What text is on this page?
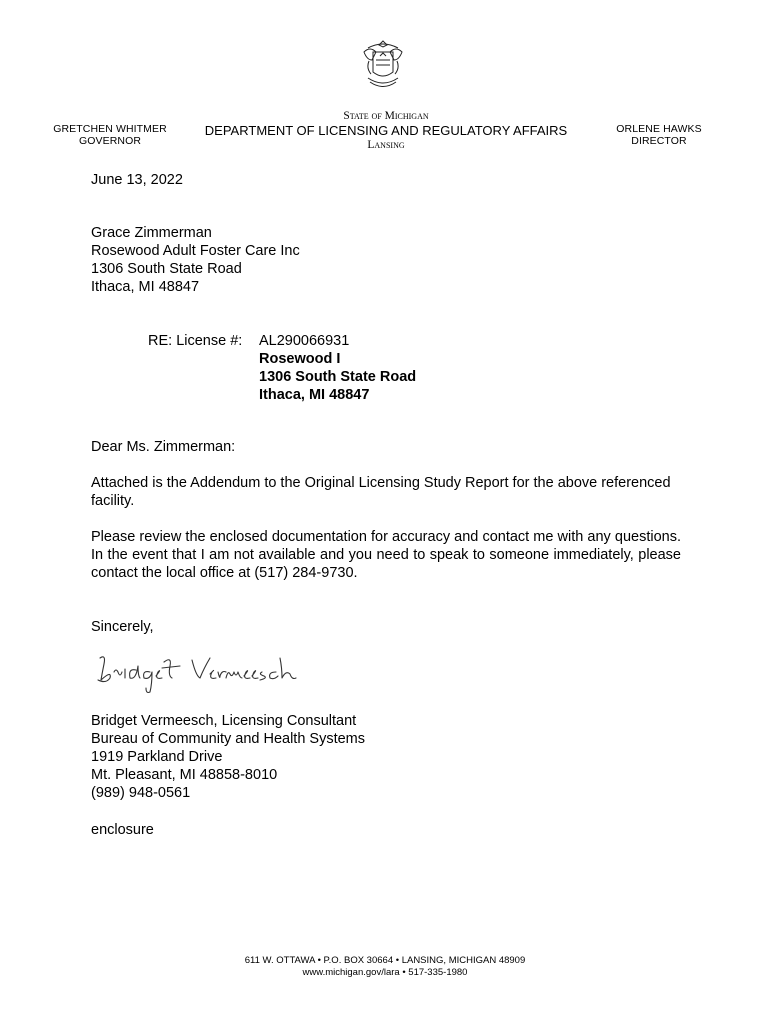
GRETCHEN WHITMER
GOVERNOR
State of Michigan
DEPARTMENT OF LICENSING AND REGULATORY AFFAIRS
Lansing
ORLENE HAWKS
DIRECTOR
June 13, 2022
Grace Zimmerman
Rosewood Adult Foster Care Inc
1306 South State Road
Ithaca, MI 48847
RE: License #: AL290066931
Rosewood I
1306 South State Road
Ithaca, MI 48847
Dear Ms. Zimmerman:
Attached is the Addendum to the Original Licensing Study Report for the above referenced facility.
Please review the enclosed documentation for accuracy and contact me with any questions. In the event that I am not available and you need to speak to someone immediately, please contact the local office at (517) 284-9730.
Sincerely,
Bridget Vermeesch, Licensing Consultant
Bureau of Community and Health Systems
1919 Parkland Drive
Mt. Pleasant, MI 48858-8010
(989) 948-0561
enclosure
611 W. OTTAWA • P.O. BOX 30664 • LANSING, MICHIGAN 48909
www.michigan.gov/lara • 517-335-1980
